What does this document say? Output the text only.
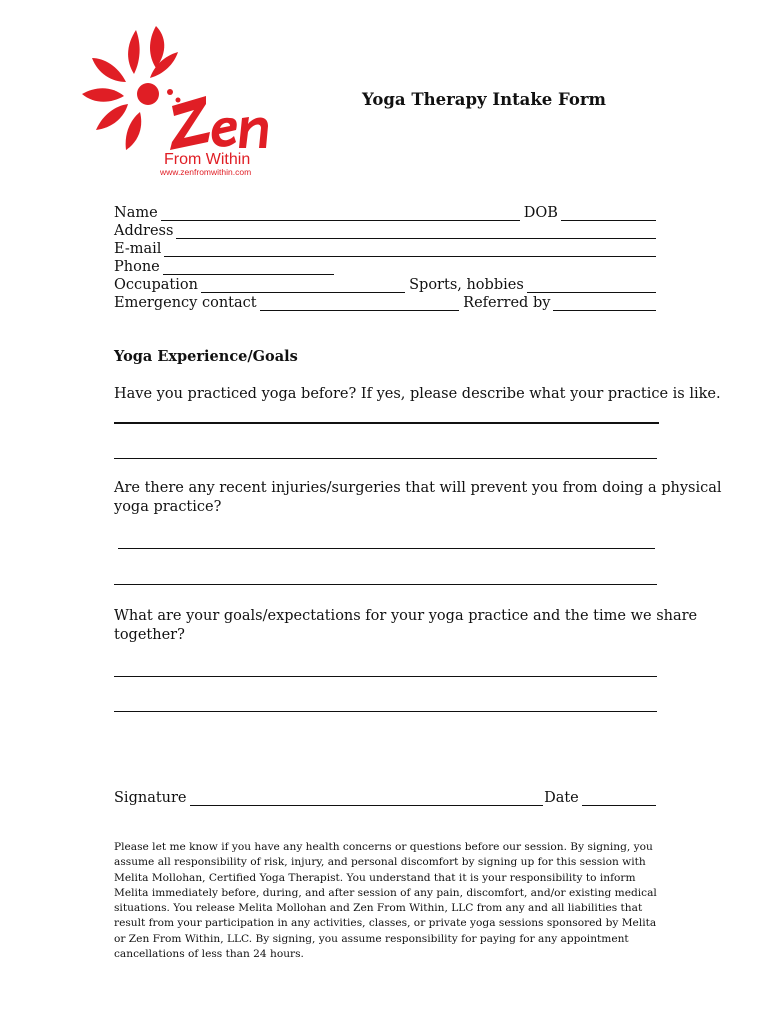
From Within
www.zenfromwithin.com
Yoga Therapy Intake Form
Name	DOB
Address
E-mail
Phone
Occupation	Sports, hobbies
Emergency contact	Referred by
Yoga Experience/Goals
Have you practiced yoga before? If yes, please describe what your practice is like.
Are there any recent injuries/surgeries that will prevent you from doing a physical
yoga practice?
What are your goals/expectations for your yoga practice and the time we share
together?
Signature	Date
Please let me know if you have any health concerns or questions before our session. By signing, you
assume all responsibility of risk, injury, and personal discomfort by signing up for this session with
Melita Mollohan, Certified Yoga Therapist. You understand that it is your responsibility to inform
Melita immediately before, during, and after session of any pain, discomfort, and/or existing medical
situations. You release Melita Mollohan and Zen From Within, LLC from any and all liabilities that
result from your participation in any activities, classes, or private yoga sessions sponsored by Melita
or Zen From Within, LLC. By signing, you assume responsibility for paying for any appointment
cancellations of less than 24 hours.
